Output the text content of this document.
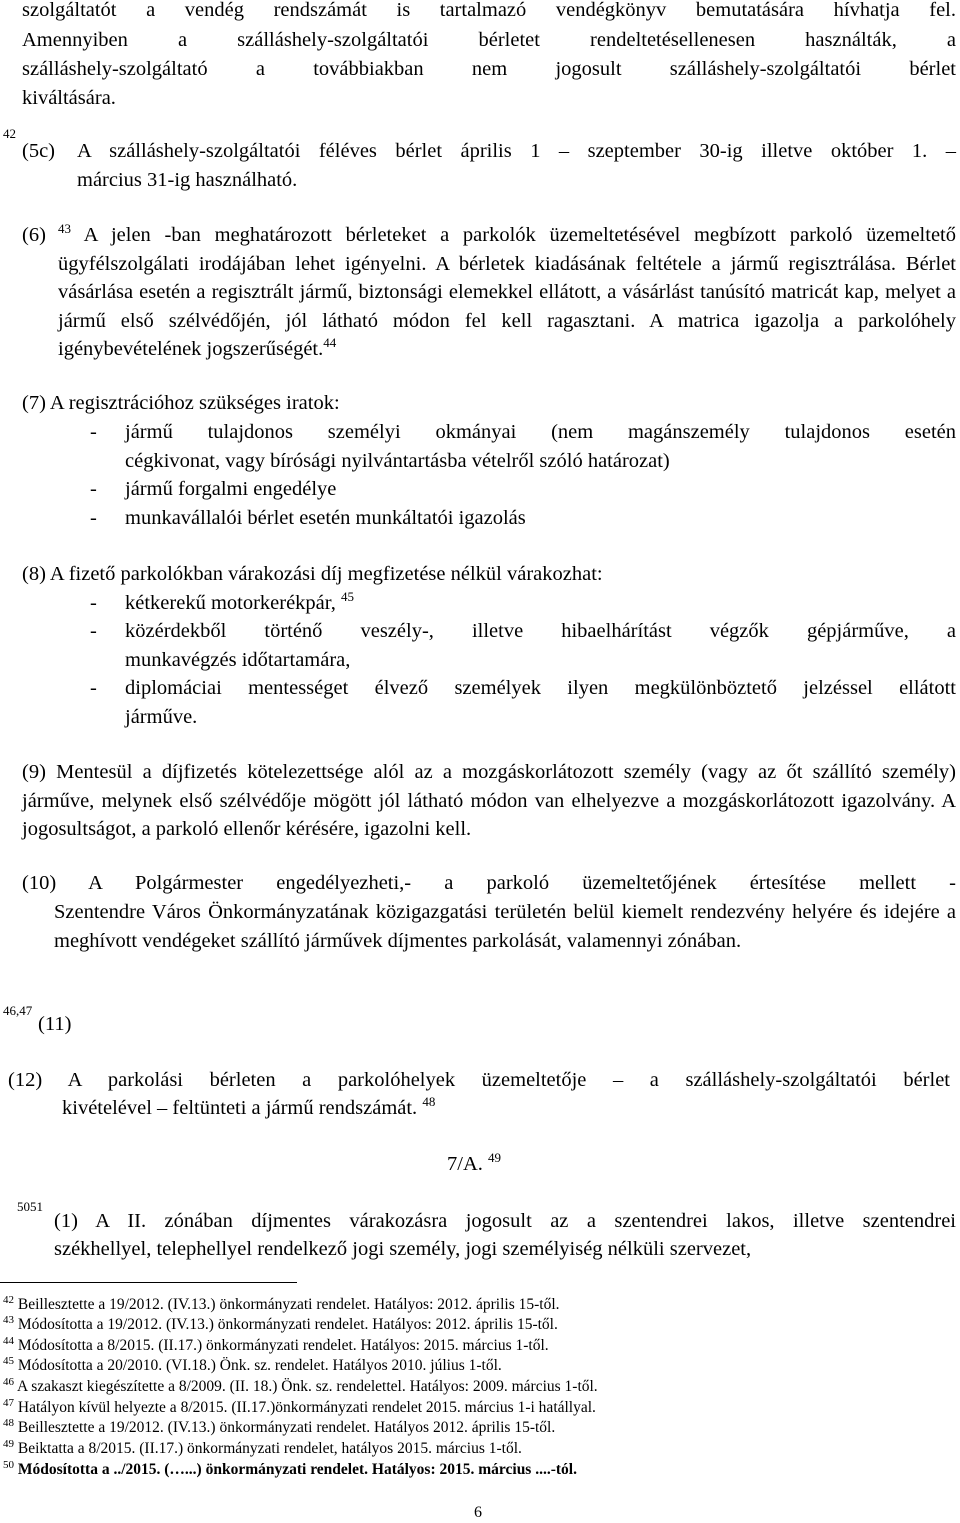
szolgáltatót a vendég rendszámát is tartalmazó vendégkönyv bemutatására hívhatja fel.
Amennyiben a szálláshely-szolgáltatói bérletet rendeltetésellenesen használták, a
szálláshely-szolgáltató a továbbiakban nem jogosult szálláshely-szolgáltatói bérlet
kiváltására.
42
(5c) A szálláshely-szolgáltatói féléves bérlet április 1 – szeptember 30-ig illetve október 1. –
március 31-ig használható.
(6) $^{43}$ A jelen -ban meghatározott bérleteket a parkolók üzemeltetésével megbízott parkoló üzemeltető ügyfélszolgálati irodájában lehet igényelni. A bérletek kiadásának feltétele a jármű regisztrálása. Bérlet vásárlása esetén a regisztrált jármű, biztonsági elemekkel ellátott, a vásárlást tanúsító matricát kap, melyet a jármű első szélvédőjén, jól látható módon fel kell ragasztani. A matrica igazolja a parkolóhely igénybevételének jogszerűségét.$^{44}$

(7) A regisztrációhoz szükséges iratok:
- jármű tulajdonos személyi okmányai (nem magánszemély tulajdonos esetén
cégkivonat, vagy bírósági nyilvántartásba vételről szóló határozat)
- jármű forgalmi engedélye
- munkavállalói bérlet esetén munkáltatói igazolás
(8) A fizető parkolókban várakozási díj megfizetése nélkül várakozhat:
- kétkerekű motorkerékpár, $^{45}$
- közérdekből történő veszély-, illetve hibaelhárítást végzők gépjárműve, a
munkavégzés időtartamára,
- diplomáciai mentességet élvező személyek ilyen megkülönböztető jelzéssel ellátott
járműve.

(9) Mentesül a díjfizetés kötelezettsége alól az a mozgáskorlátozott személy (vagy az őt szállító személy) járműve, melynek első szélvédője mögött jól látható módon van elhelyezve a mozgáskorlátozott igazolvány. A jogosultságot, a parkoló ellenőr kérésére, igazolni kell.

(10) A Polgármester engedélyezheti,- a parkoló üzemeltetőjének értesítése mellett -

Szentendre Város Önkormányzatának közigazgatási területén belül kiemelt rendezvény helyére és idejére a meghívott vendégeket szállító járművek díjmentes parkolását, valamennyi zónában.

46,47
(11)
(12) A parkolási bérleten a parkolóhelyek üzemeltetője – a szálláshely-szolgáltatói bérlet
kivételével – feltünteti a jármű rendszámát. $^{48}$
7/A. $^{49}$
5051
(1) A II. zónában díjmentes várakozásra jogosult az a szentendrei lakos, illetve szentendrei
székhellyel, telephellyel rendelkező jogi személy, jogi személyiség nélküli szervezet,
$^{42}$ Beillesztette a 19/2012. (IV.13.) önkormányzati rendelet. Hatályos: 2012. április 15-től.
$^{43}$ Módosította a 19/2012. (IV.13.) önkormányzati rendelet. Hatályos: 2012. április 15-től.
$^{44}$ Módosította a 8/2015. (II.17.) önkormányzati rendelet. Hatályos: 2015. március 1-től.
$^{45}$ Módosította a 20/2010. (VI.18.) Önk. sz. rendelet. Hatályos 2010. július 1-től.
$^{46}$ A szakaszt kiegészítette a 8/2009. (II. 18.) Önk. sz. rendelettel. Hatályos: 2009. március 1-től.
$^{47}$ Hatályon kívül helyezte a 8/2015. (II.17.)önkormányzati rendelet 2015. március 1-i hatállyal.
$^{48}$ Beillesztette a 19/2012. (IV.13.) önkormányzati rendelet. Hatályos 2012. április 15-től.
$^{49}$ Beiktatta a 8/2015. (II.17.) önkormányzati rendelet, hatályos 2015. március 1-től.
$^{50}$ Módosította a ../2015. (…...) önkormányzati rendelet. Hatályos: 2015. március ....-tól.
6
